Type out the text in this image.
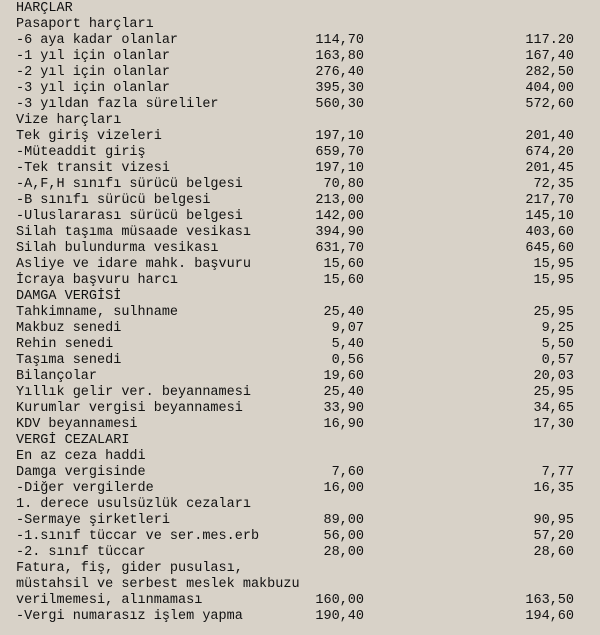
HARÇLAR
Pasaport harçları
-6 aya kadar olanlar	114,70	117.20
-1 yıl için olanlar	163,80	167,40
-2 yıl için olanlar	276,40	282,50
-3 yıl için olanlar	395,30	404,00
-3 yıldan fazla süreliler	560,30	572,60
Vize harçları
Tek giriş vizeleri	197,10	201,40
-Müteaddit giriş	659,70	674,20
-Tek transit vizesi	197,10	201,45
-A,F,H sınıfı sürücü belgesi	70,80	72,35
-B sınıfı sürücü belgesi	213,00	217,70
-Uluslararası sürücü belgesi	142,00	145,10
Silah taşıma müsaade vesikası	394,90	403,60
Silah bulundurma vesikası	631,70	645,60
Asliye ve idare mahk. başvuru	15,60	15,95
İcraya başvuru harcı	15,60	15,95
DAMGA VERGİSİ
Tahkimname, sulhname	25,40	25,95
Makbuz senedi	9,07	9,25
Rehin senedi	5,40	5,50
Taşıma senedi	0,56	0,57
Bilançolar	19,60	20,03
Yıllık gelir ver. beyannamesi	25,40	25,95
Kurumlar vergisi beyannamesi	33,90	34,65
KDV beyannamesi	16,90	17,30
VERGİ CEZALARI
En az ceza haddi
Damga vergisinde	7,60	7,77
-Diğer vergilerde	16,00	16,35
1. derece usulsüzlük cezaları
-Sermaye şirketleri	89,00	90,95
-1.sınıf tüccar ve ser.mes.erb	56,00	57,20
-2. sınıf tüccar	28,00	28,60
Fatura, fiş, gider pusulası,
müstahsil ve serbest meslek makbuzu
verilmemesi, alınmaması	160,00	163,50
-Vergi numarasız işlem yapma	190,40	194,60
